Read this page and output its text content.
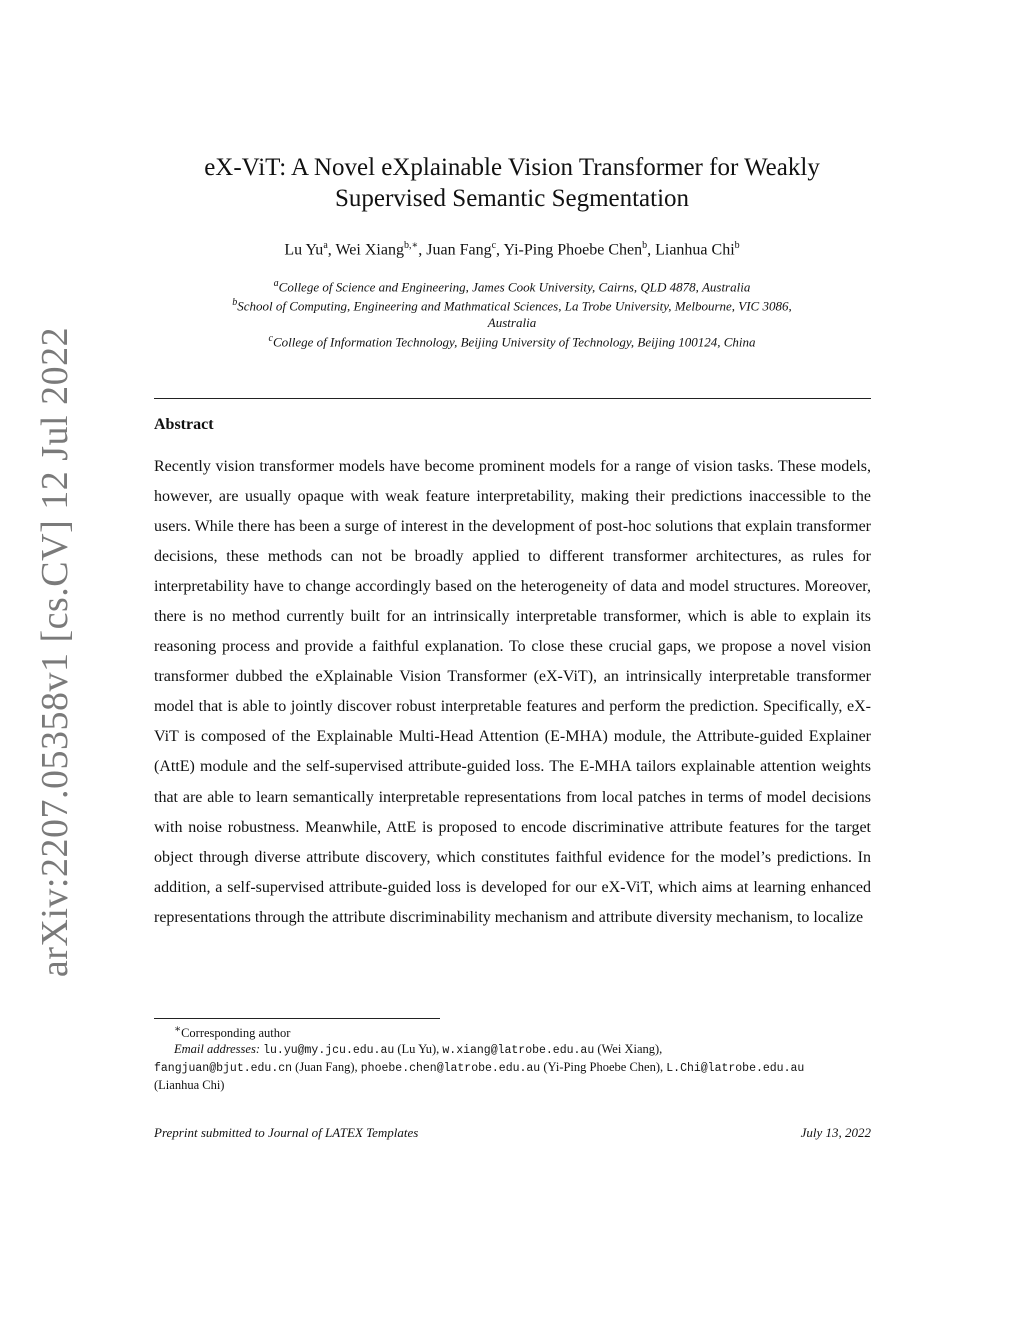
arXiv:2207.05358v1 [cs.CV] 12 Jul 2022
eX-ViT: A Novel eXplainable Vision Transformer for Weakly
Supervised Semantic Segmentation
Lu Yu$^a$, Wei Xiang$^{b,∗}$, Juan Fang$^c$, Yi-Ping Phoebe Chen$^b$, Lianhua Chi$^b$
$^a$College of Science and Engineering, James Cook University, Cairns, QLD 4878, Australia
$^b$School of Computing, Engineering and Mathmatical Sciences, La Trobe University, Melbourne, VIC 3086,
Australia
$^c$College of Information Technology, Beijing University of Technology, Beijing 100124, China
Abstract
Recently vision transformer models have become prominent models for a range of vision tasks. These models, however, are usually opaque with weak feature interpretability, making their predictions inaccessible to the users. While there has been a surge of interest in the development of post-hoc solutions that explain transformer decisions, these methods can not be broadly applied to different transformer architectures, as rules for interpretability have to change accordingly based on the heterogeneity of data and model structures. Moreover, there is no method currently built for an intrinsically interpretable transformer, which is able to explain its reasoning process and provide a faithful explanation. To close these crucial gaps, we propose a novel vision transformer dubbed the eXplainable Vision Transformer (eX-ViT), an intrinsically interpretable transformer model that is able to jointly discover robust interpretable features and perform the prediction. Specifically, eX-ViT is composed of the Explainable Multi-Head Attention (E-MHA) module, the Attribute-guided Explainer (AttE) module and the self-supervised attribute-guided loss. The E-MHA tailors explainable attention weights that are able to learn semantically interpretable representations from local patches in terms of model decisions with noise robustness. Meanwhile, AttE is proposed to encode discriminative attribute features for the target object through diverse attribute discovery, which constitutes faithful evidence for the model’s predictions. In addition, a self-supervised attribute-guided loss is developed for our eX-ViT, which aims at learning enhanced representations through the attribute discriminability mechanism and attribute diversity mechanism, to localize
∗Corresponding author
Email addresses: lu.yu@my.jcu.edu.au (Lu Yu), w.xiang@latrobe.edu.au (Wei Xiang),
fangjuan@bjut.edu.cn (Juan Fang), phoebe.chen@latrobe.edu.au (Yi-Ping Phoebe Chen), L.Chi@latrobe.edu.au
(Lianhua Chi)
Preprint submitted to Journal of LATEX Templates	July 13, 2022
